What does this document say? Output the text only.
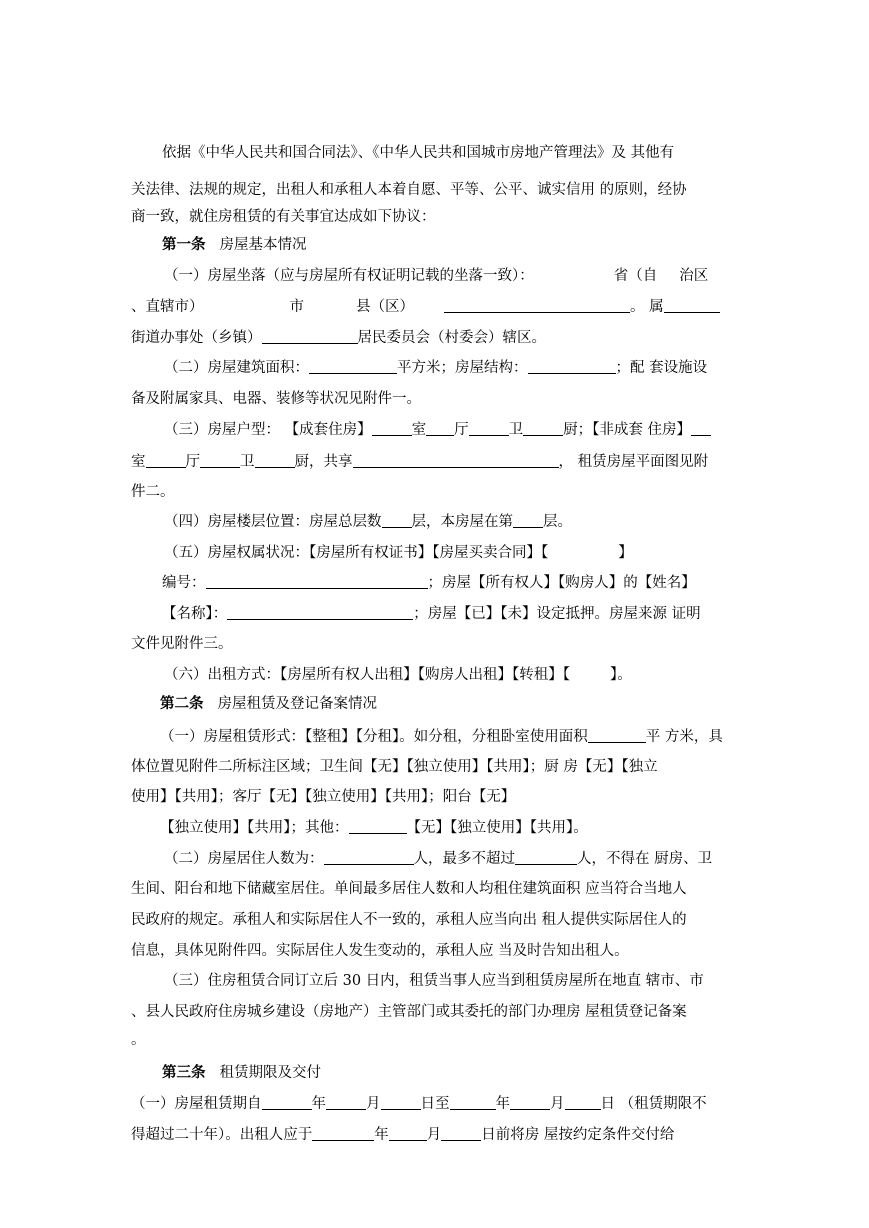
依据《中华人民共和国合同法》、《中华人民共和国城市房地产管理法》及 其他有
关法律、法规的规定，出租人和承租人本着自愿、平等、公平、诚实信用 的原则，经协
商一致，就住房租赁的有关事宜达成如下协议：
第一条 房屋基本情况
（一）房屋坐落（应与房屋所有权证明记载的坐落一致）：	省（自 治区
、直辖市）	市	县（区）	。 属
街道办事处（乡镇）	居民委员会（村委会）辖区。
（二）房屋建筑面积：	平方米；房屋结构：	；配 套设施设
备及附属家具、电器、装修等状况见附件一。
（三）房屋户型： 【成套住房】	室 厅	卫	厨；【非成套 住房】
室	厅	卫	厨，共享	， 租赁房屋平面图见附
件二。
（四）房屋楼层位置：房屋总层数 层，本房屋在第 层。
（五）房屋权属状况：【房屋所有权证书】【房屋买卖合同】【	】
编号：	；房屋【所有权人】【购房人】的【姓名】
【名称】：	；房屋【已】【未】设定抵押。房屋来源 证明
文件见附件三。
（六）出租方式：【房屋所有权人出租】【购房人出租】【转租】【	】。
第二条 房屋租赁及登记备案情况
（一）房屋租赁形式：【整租】【分租】。如分租，分租卧室使用面积	平 方米，具
体位置见附件二所标注区域；卫生间【无】【独立使用】【共用】；厨 房【无】【独立
使用】【共用】；客厅【无】【独立使用】【共用】；阳台【无】
【独立使用】【共用】；其他：	【无】【独立使用】【共用】。
（二）房屋居住人数为：	人，最多不超过	人，不得在 厨房、卫
生间、阳台和地下储藏室居住。单间最多居住人数和人均租住建筑面积 应当符合当地人
民政府的规定。承租人和实际居住人不一致的，承租人应当向出 租人提供实际居住人的
信息，具体见附件四。实际居住人发生变动的，承租人应 当及时告知出租人。
（三）住房租赁合同订立后 30 日内，租赁当事人应当到租赁房屋所在地直 辖市、市
、县人民政府住房城乡建设（房地产）主管部门或其委托的部门办理房 屋租赁登记备案
。
第三条 租赁期限及交付
（一）房屋租赁期自	年	月	日至	年	月 日 （租赁期限不
得超过二十年）。出租人应于	年	月	日前将房 屋按约定条件交付给
